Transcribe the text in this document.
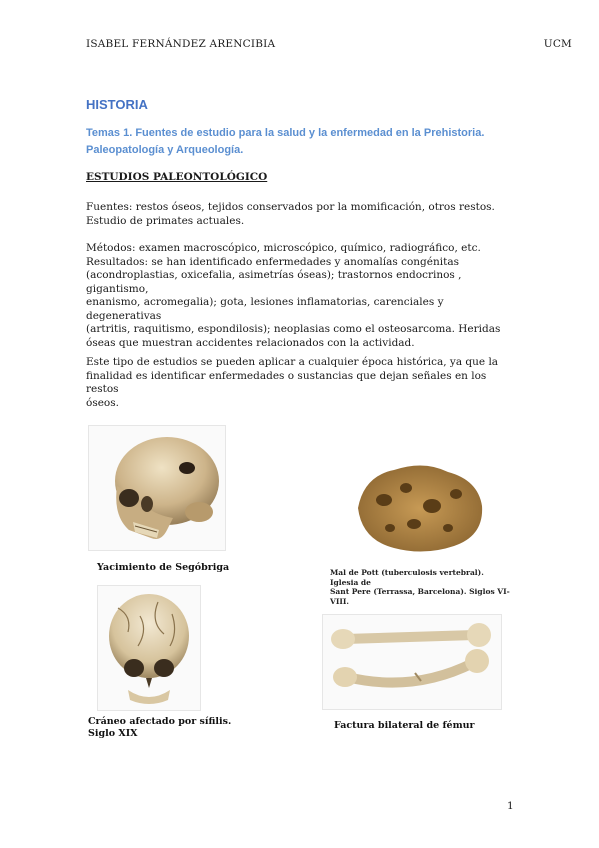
ISABEL FERNÁNDEZ ARENCIBIA	UCM
HISTORIA
Temas 1. Fuentes de estudio para la salud y la enfermedad en la Prehistoria.
Paleopatología y Arqueología.
ESTUDIOS PALEONTOLÓGICO
Fuentes: restos óseos, tejidos conservados por la momificación, otros restos.
Estudio de primates actuales.
Métodos: examen macroscópico, microscópico, químico, radiográfico, etc.
Resultados: se han identificado enfermedades y anomalías congénitas
(acondroplastias, oxicefalia, asimetrías óseas); trastornos endocrinos , gigantismo,
enanismo, acromegalia); gota, lesiones inflamatorias, carenciales y degenerativas
(artritis, raquitismo, espondilosis); neoplasias como el osteosarcoma. Heridas
óseas que muestran accidentes relacionados con la actividad.
Este tipo de estudios se pueden aplicar a cualquier época histórica, ya que la
finalidad es identificar enfermedades o sustancias que dejan señales en los restos
óseos.
Yacimiento de Segóbriga	Mal de Pott (tuberculosis vertebral). Iglesia de
Sant Pere (Terrassa, Barcelona). Siglos VI-VIII.
Cráneo afectado por sífilis.
Siglo XIX
Factura bilateral de fémur
1
